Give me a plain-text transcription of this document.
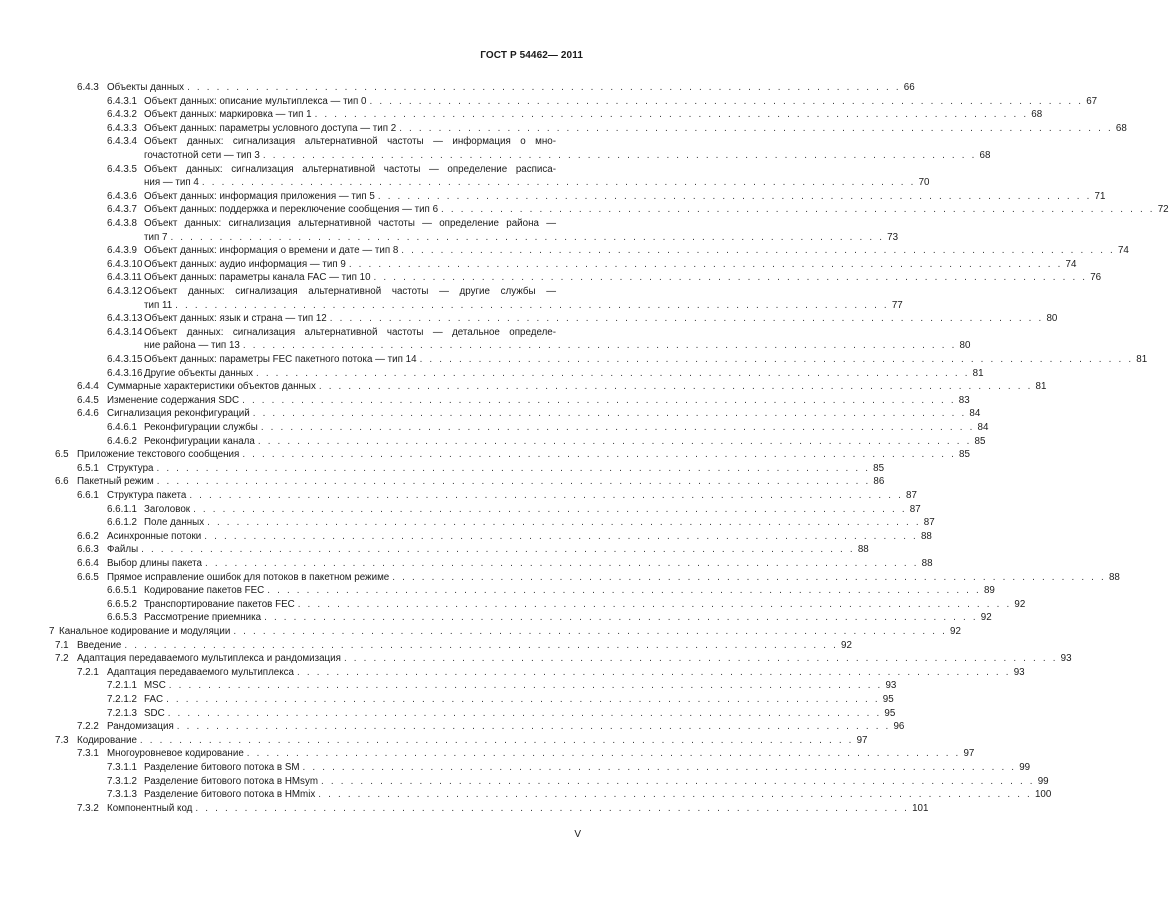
ГОСТ Р 54462— 2011
6.4.3 Объекты данных . . . . . . . . . . . . . . . . . . . . . . . . . . . . . . . . . . . . . . . . . . . . . . . . . . . . . . . . . . . . . . . . . . . . . . . . . 66
6.4.3.1 Объект данных: описание мультиплекса — тип 0 . . . . . . . . . . . . . . . . . . . . . . . . . . . . . . . . . . . . . . . . . . . . . . . . . . . . . . . . . . . . . . . . . . . . . . . . . 67
6.4.3.2 Объект данных: маркировка — тип 1 . . . . . . . . . . . . . . . . . . . . . . . . . . . . . . . . . . . . . . . . . . . . . . . . . . . . . . . . . . . . . . . . . . . . . . . . . 68
6.4.3.3 Объект данных: параметры условного доступа — тип 2 . . . . . . . . . . . . . . . . . . . . . . . . . . . . . . . . . . . . . . . . . . . . . . . . . . . . . . . . . . . . . . . . . . . . . . . . . 68
6.4.3.4 Объект данных: сигнализация альтернативной частоты — информация о мно-
гочастотной сети — тип 3 . . . . . . . . . . . . . . . . . . . . . . . . . . . . . . . . . . . . . . . . . . . . . . . . . . . . . . . . . . . . . . . . . . . . . . . . . 68
6.4.3.5 Объект данных: сигнализация альтернативной частоты — определение расписа-
ния — тип 4 . . . . . . . . . . . . . . . . . . . . . . . . . . . . . . . . . . . . . . . . . . . . . . . . . . . . . . . . . . . . . . . . . . . . . . . . . 70
6.4.3.6 Объект данных: информация приложения — тип 5 . . . . . . . . . . . . . . . . . . . . . . . . . . . . . . . . . . . . . . . . . . . . . . . . . . . . . . . . . . . . . . . . . . . . . . . . . 71
6.4.3.7 Объект данных: поддержка и переключение сообщения — тип 6 . . . . . . . . . . . . . . . . . . . . . . . . . . . . . . . . . . . . . . . . . . . . . . . . . . . . . . . . . . . . . . . . . . . . . . . . . 72
6.4.3.8 Объект данных: сигнализация альтернативной частоты — определение района —
тип 7 . . . . . . . . . . . . . . . . . . . . . . . . . . . . . . . . . . . . . . . . . . . . . . . . . . . . . . . . . . . . . . . . . . . . . . . . . 73
6.4.3.9 Объект данных: информация о времени и дате — тип 8 . . . . . . . . . . . . . . . . . . . . . . . . . . . . . . . . . . . . . . . . . . . . . . . . . . . . . . . . . . . . . . . . . . . . . . . . . 74
6.4.3.10 Объект данных: аудио информация — тип 9 . . . . . . . . . . . . . . . . . . . . . . . . . . . . . . . . . . . . . . . . . . . . . . . . . . . . . . . . . . . . . . . . . . . . . . . . . 74
6.4.3.11 Объект данных: параметры канала FAC — тип 10 . . . . . . . . . . . . . . . . . . . . . . . . . . . . . . . . . . . . . . . . . . . . . . . . . . . . . . . . . . . . . . . . . . . . . . . . . 76
6.4.3.12 Объект данных: сигнализация альтернативной частоты — другие службы —
тип 11 . . . . . . . . . . . . . . . . . . . . . . . . . . . . . . . . . . . . . . . . . . . . . . . . . . . . . . . . . . . . . . . . . . . . . . . . . 77
6.4.3.13 Объект данных: язык и страна — тип 12 . . . . . . . . . . . . . . . . . . . . . . . . . . . . . . . . . . . . . . . . . . . . . . . . . . . . . . . . . . . . . . . . . . . . . . . . . 80
6.4.3.14 Объект данных: сигнализация альтернативной частоты — детальное определе-
ние района — тип 13 . . . . . . . . . . . . . . . . . . . . . . . . . . . . . . . . . . . . . . . . . . . . . . . . . . . . . . . . . . . . . . . . . . . . . . . . . 80
6.4.3.15 Объект данных: параметры FEC пакетного потока — тип 14 . . . . . . . . . . . . . . . . . . . . . . . . . . . . . . . . . . . . . . . . . . . . . . . . . . . . . . . . . . . . . . . . . . . . . . . . . 81
6.4.3.16 Другие объекты данных . . . . . . . . . . . . . . . . . . . . . . . . . . . . . . . . . . . . . . . . . . . . . . . . . . . . . . . . . . . . . . . . . . . . . . . . . 81
6.4.4 Суммарные характеристики объектов данных . . . . . . . . . . . . . . . . . . . . . . . . . . . . . . . . . . . . . . . . . . . . . . . . . . . . . . . . . . . . . . . . . . . . . . . . . 81
6.4.5 Изменение содержания SDC . . . . . . . . . . . . . . . . . . . . . . . . . . . . . . . . . . . . . . . . . . . . . . . . . . . . . . . . . . . . . . . . . . . . . . . . . 83
6.4.6 Сигнализация реконфигураций . . . . . . . . . . . . . . . . . . . . . . . . . . . . . . . . . . . . . . . . . . . . . . . . . . . . . . . . . . . . . . . . . . . . . . . . . 84
6.4.6.1 Реконфигурации службы . . . . . . . . . . . . . . . . . . . . . . . . . . . . . . . . . . . . . . . . . . . . . . . . . . . . . . . . . . . . . . . . . . . . . . . . . 84
6.4.6.2 Реконфигурации канала . . . . . . . . . . . . . . . . . . . . . . . . . . . . . . . . . . . . . . . . . . . . . . . . . . . . . . . . . . . . . . . . . . . . . . . . . 85
6.5 Приложение текстового сообщения . . . . . . . . . . . . . . . . . . . . . . . . . . . . . . . . . . . . . . . . . . . . . . . . . . . . . . . . . . . . . . . . . . . . . . . . . 85
6.5.1 Структура . . . . . . . . . . . . . . . . . . . . . . . . . . . . . . . . . . . . . . . . . . . . . . . . . . . . . . . . . . . . . . . . . . . . . . . . . 85
6.6 Пакетный режим . . . . . . . . . . . . . . . . . . . . . . . . . . . . . . . . . . . . . . . . . . . . . . . . . . . . . . . . . . . . . . . . . . . . . . . . . 86
6.6.1 Структура пакета . . . . . . . . . . . . . . . . . . . . . . . . . . . . . . . . . . . . . . . . . . . . . . . . . . . . . . . . . . . . . . . . . . . . . . . . . 87
6.6.1.1 Заголовок . . . . . . . . . . . . . . . . . . . . . . . . . . . . . . . . . . . . . . . . . . . . . . . . . . . . . . . . . . . . . . . . . . . . . . . . . 87
6.6.1.2 Поле данных . . . . . . . . . . . . . . . . . . . . . . . . . . . . . . . . . . . . . . . . . . . . . . . . . . . . . . . . . . . . . . . . . . . . . . . . . 87
6.6.2 Асинхронные потоки . . . . . . . . . . . . . . . . . . . . . . . . . . . . . . . . . . . . . . . . . . . . . . . . . . . . . . . . . . . . . . . . . . . . . . . . . 88
6.6.3 Файлы . . . . . . . . . . . . . . . . . . . . . . . . . . . . . . . . . . . . . . . . . . . . . . . . . . . . . . . . . . . . . . . . . . . . . . . . . 88
6.6.4 Выбор длины пакета . . . . . . . . . . . . . . . . . . . . . . . . . . . . . . . . . . . . . . . . . . . . . . . . . . . . . . . . . . . . . . . . . . . . . . . . . 88
6.6.5 Прямое исправление ошибок для потоков в пакетном режиме . . . . . . . . . . . . . . . . . . . . . . . . . . . . . . . . . . . . . . . . . . . . . . . . . . . . . . . . . . . . . . . . . . . . . . . . . 88
6.6.5.1 Кодирование пакетов FEC . . . . . . . . . . . . . . . . . . . . . . . . . . . . . . . . . . . . . . . . . . . . . . . . . . . . . . . . . . . . . . . . . . . . . . . . . 89
6.6.5.2 Транспортирование пакетов FEC . . . . . . . . . . . . . . . . . . . . . . . . . . . . . . . . . . . . . . . . . . . . . . . . . . . . . . . . . . . . . . . . . . . . . . . . . 92
6.6.5.3 Рассмотрение приемника . . . . . . . . . . . . . . . . . . . . . . . . . . . . . . . . . . . . . . . . . . . . . . . . . . . . . . . . . . . . . . . . . . . . . . . . . 92
7 Канальное кодирование и модуляции . . . . . . . . . . . . . . . . . . . . . . . . . . . . . . . . . . . . . . . . . . . . . . . . . . . . . . . . . . . . . . . . . . . . . . . . . 92
7.1 Введение . . . . . . . . . . . . . . . . . . . . . . . . . . . . . . . . . . . . . . . . . . . . . . . . . . . . . . . . . . . . . . . . . . . . . . . . . 92
7.2 Адаптация передаваемого мультиплекса и рандомизация . . . . . . . . . . . . . . . . . . . . . . . . . . . . . . . . . . . . . . . . . . . . . . . . . . . . . . . . . . . . . . . . . . . . . . . . . 93
7.2.1 Адаптация передаваемого мультиплекса . . . . . . . . . . . . . . . . . . . . . . . . . . . . . . . . . . . . . . . . . . . . . . . . . . . . . . . . . . . . . . . . . . . . . . . . . 93
7.2.1.1 MSC . . . . . . . . . . . . . . . . . . . . . . . . . . . . . . . . . . . . . . . . . . . . . . . . . . . . . . . . . . . . . . . . . . . . . . . . . 93
7.2.1.2 FAC . . . . . . . . . . . . . . . . . . . . . . . . . . . . . . . . . . . . . . . . . . . . . . . . . . . . . . . . . . . . . . . . . . . . . . . . . 95
7.2.1.3 SDC . . . . . . . . . . . . . . . . . . . . . . . . . . . . . . . . . . . . . . . . . . . . . . . . . . . . . . . . . . . . . . . . . . . . . . . . . 95
7.2.2 Рандомизация . . . . . . . . . . . . . . . . . . . . . . . . . . . . . . . . . . . . . . . . . . . . . . . . . . . . . . . . . . . . . . . . . . . . . . . . . 96
7.3 Кодирование . . . . . . . . . . . . . . . . . . . . . . . . . . . . . . . . . . . . . . . . . . . . . . . . . . . . . . . . . . . . . . . . . . . . . . . . . 97
7.3.1 Многоуровневое кодирование . . . . . . . . . . . . . . . . . . . . . . . . . . . . . . . . . . . . . . . . . . . . . . . . . . . . . . . . . . . . . . . . . . . . . . . . . 97
7.3.1.1 Разделение битового потока в SM . . . . . . . . . . . . . . . . . . . . . . . . . . . . . . . . . . . . . . . . . . . . . . . . . . . . . . . . . . . . . . . . . . . . . . . . . 99
7.3.1.2 Разделение битового потока в HMsym . . . . . . . . . . . . . . . . . . . . . . . . . . . . . . . . . . . . . . . . . . . . . . . . . . . . . . . . . . . . . . . . . . . . . . . . . 99
7.3.1.3 Разделение битового потока в HMmix . . . . . . . . . . . . . . . . . . . . . . . . . . . . . . . . . . . . . . . . . . . . . . . . . . . . . . . . . . . . . . . . . . . . . . . . . 100
7.3.2 Компонентный код . . . . . . . . . . . . . . . . . . . . . . . . . . . . . . . . . . . . . . . . . . . . . . . . . . . . . . . . . . . . . . . . . . . . . . . . . 101
V
